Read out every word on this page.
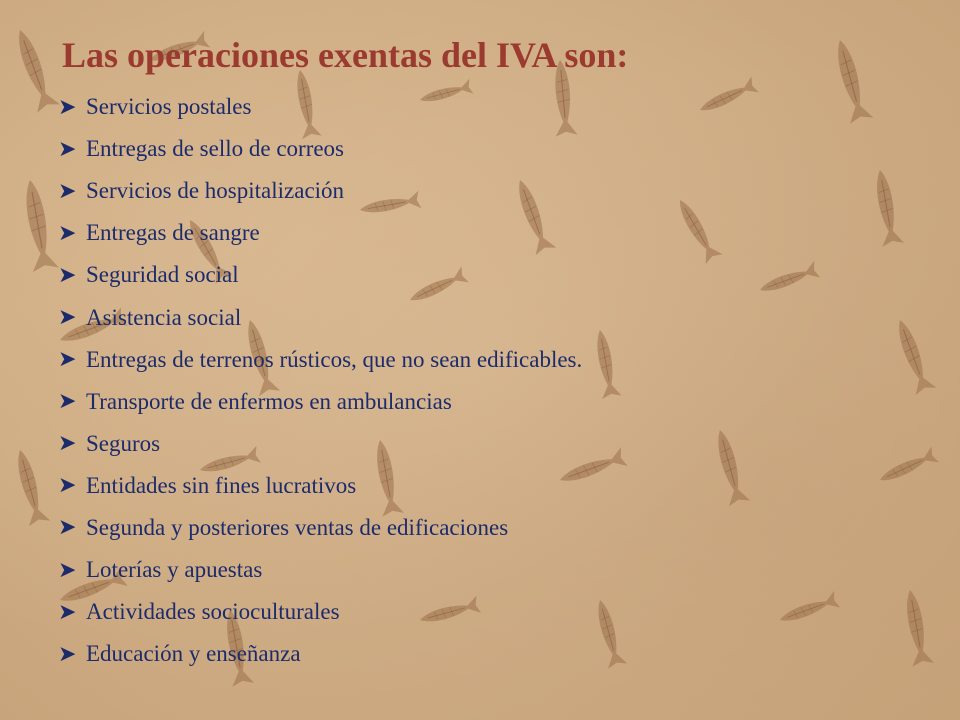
Las operaciones exentas del IVA son:
➤ Servicios postales
➤ Entregas de sello de correos
➤ Servicios de hospitalización
➤ Entregas de sangre
➤ Seguridad social
➤ Asistencia social
➤ Entregas de terrenos rústicos, que no sean edificables.
➤ Transporte de enfermos en ambulancias
➤ Seguros
➤ Entidades sin fines lucrativos
➤ Segunda y posteriores ventas de edificaciones
➤ Loterías y apuestas
➤ Actividades socioculturales
➤ Educación y enseñanza
